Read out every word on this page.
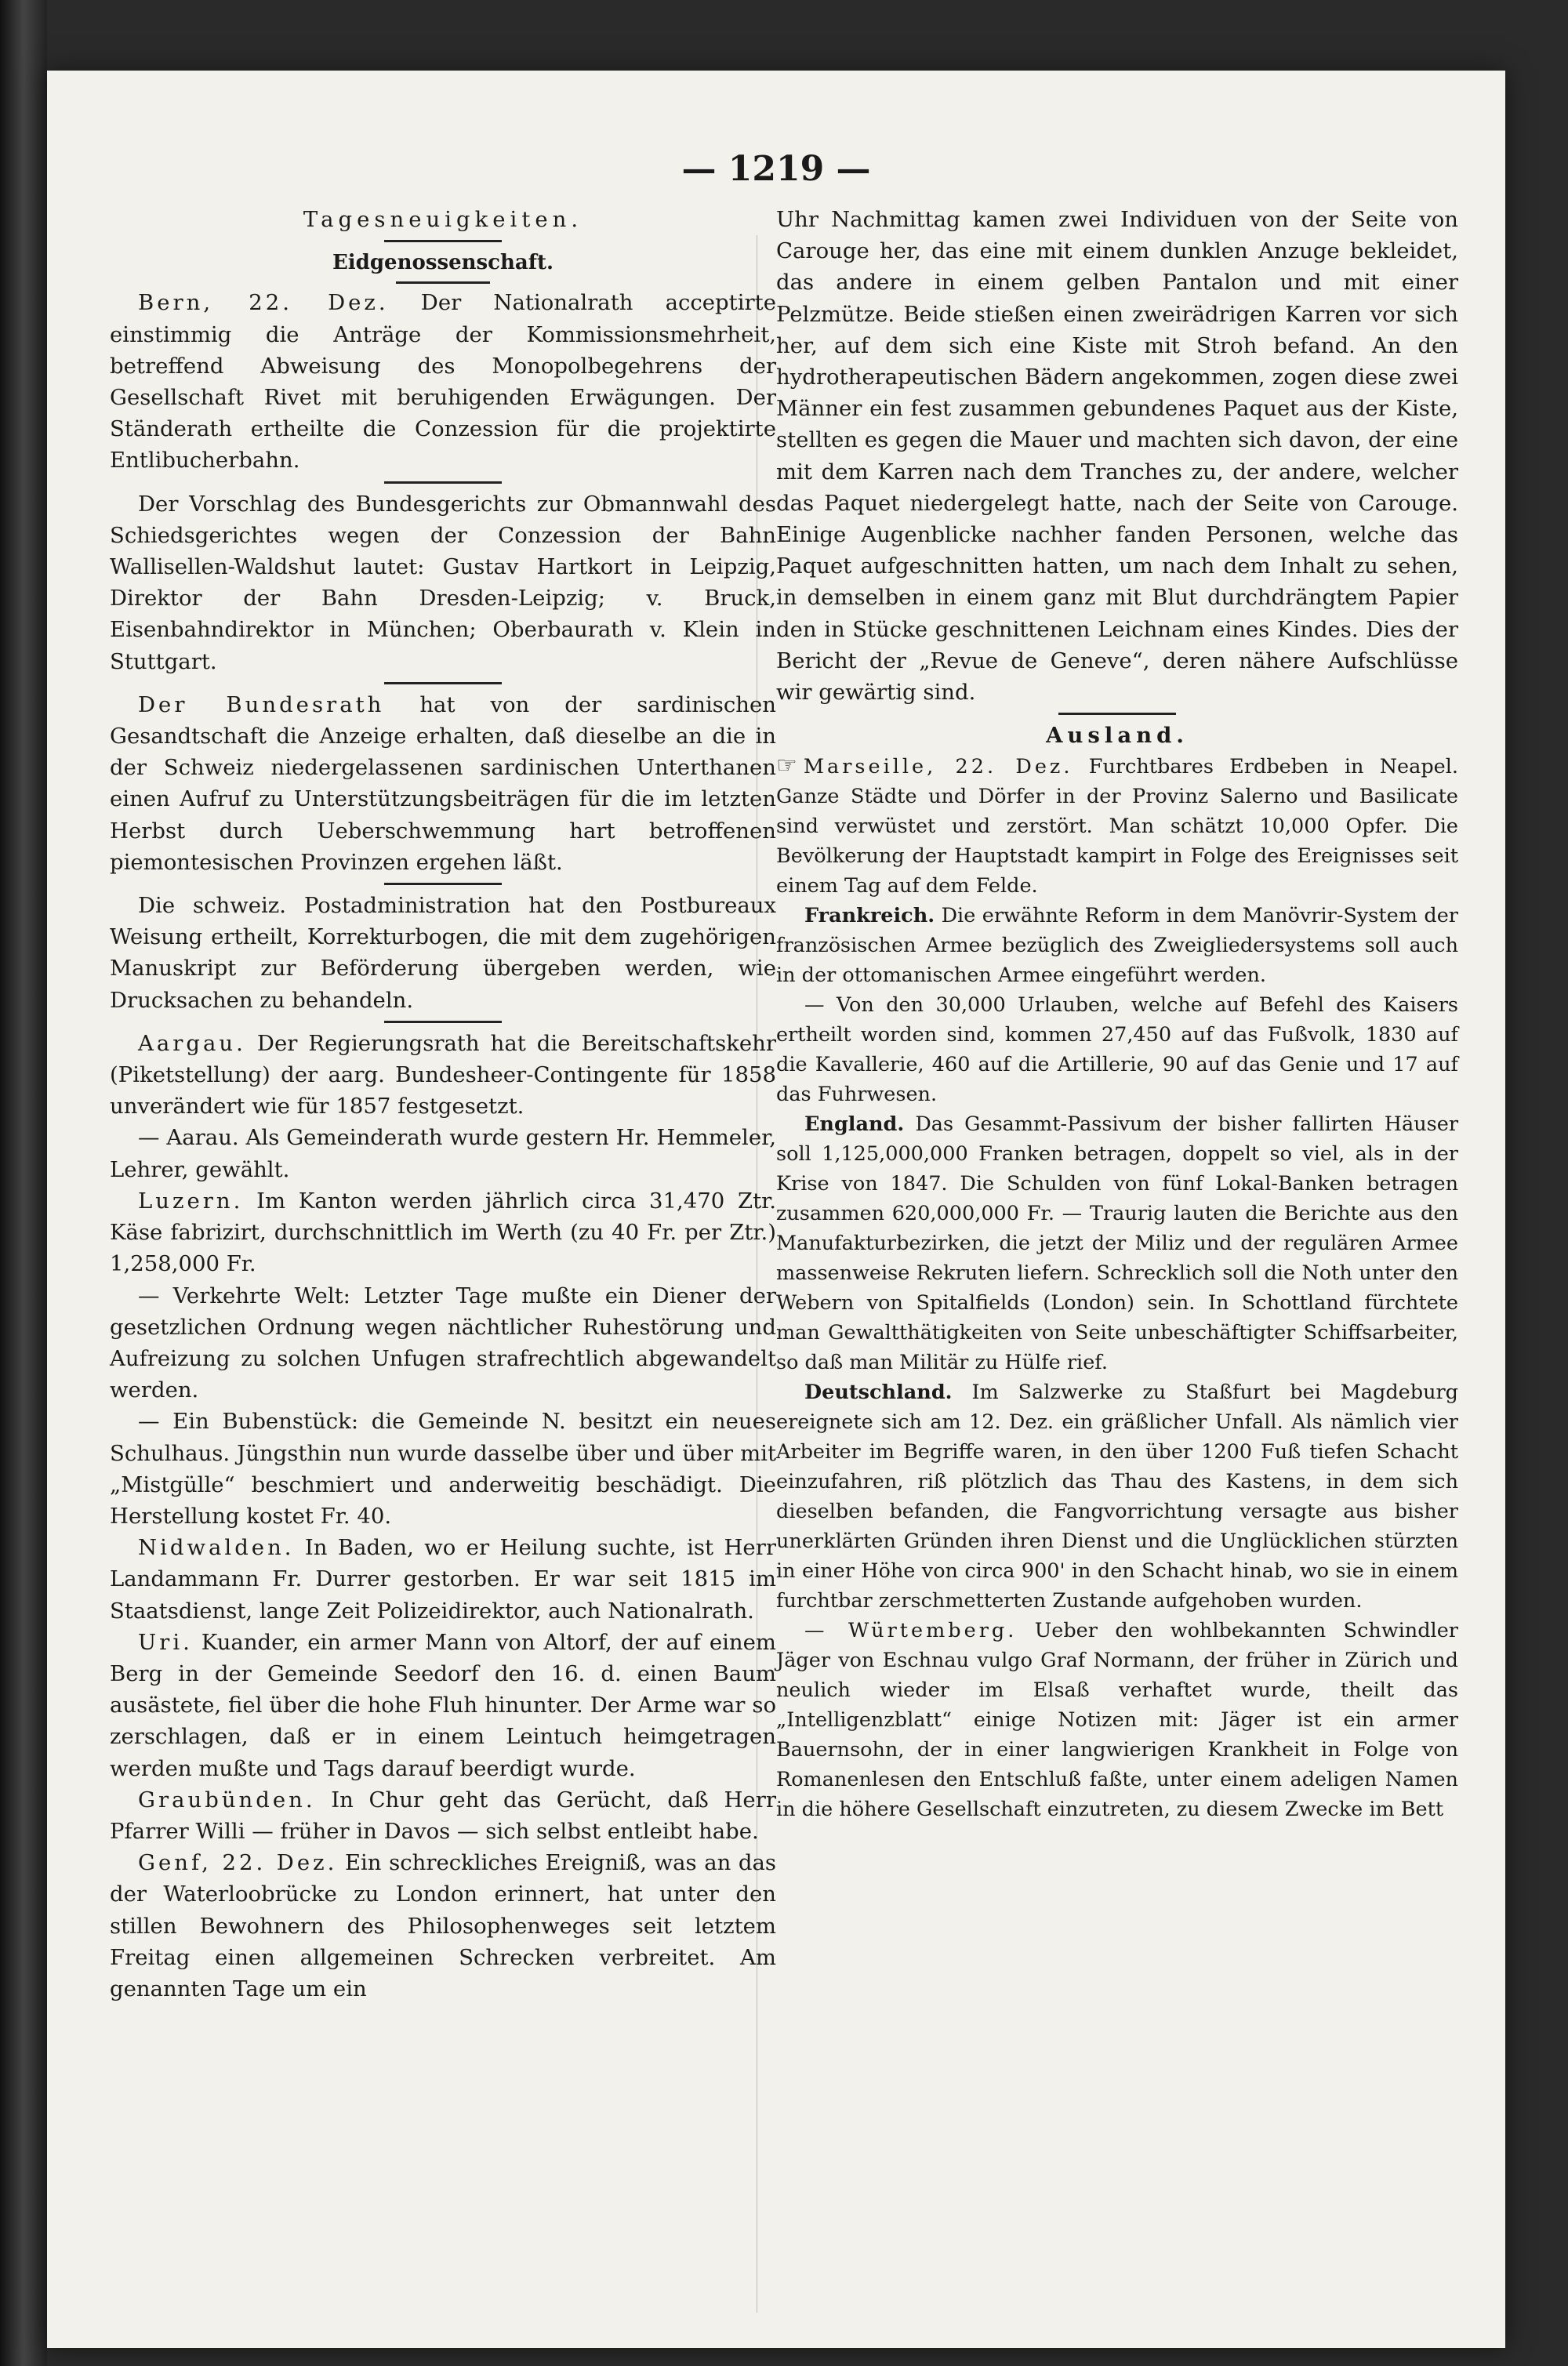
— 1219 —

Tagesneuigkeiten.

Eidgenossenschaft.

Bern, 22. Dez. Der Nationalrath acceptirte einstimmig die Anträge der Kommissionsmehrheit, betreffend Abweisung des Monopolbegehrens der Gesellschaft Rivet mit beruhigenden Erwägungen. Der Ständerath ertheilte die Conzession für die projektirte Entlibucherbahn.

Der Vorschlag des Bundesgerichts zur Obmannwahl des Schiedsgerichtes wegen der Conzession der Bahn Wallisellen-Waldshut lautet: Gustav Hartkort in Leipzig, Direktor der Bahn Dresden-Leipzig; v. Bruck, Eisenbahndirektor in München; Oberbaurath v. Klein in Stuttgart.

Der Bundesrath hat von der sardinischen Gesandtschaft die Anzeige erhalten, daß dieselbe an die in der Schweiz niedergelassenen sardinischen Unterthanen einen Aufruf zu Unterstützungsbeiträgen für die im letzten Herbst durch Ueberschwemmung hart betroffenen piemontesischen Provinzen ergehen läßt.

Die schweiz. Postadministration hat den Postbureaux Weisung ertheilt, Korrekturbogen, die mit dem zugehörigen Manuskript zur Beförderung übergeben werden, wie Drucksachen zu behandeln.

Aargau. Der Regierungsrath hat die Bereitschaftskehr (Piketstellung) der aarg. Bundesheer-Contingente für 1858 unverändert wie für 1857 festgesetzt.

— Aarau. Als Gemeinderath wurde gestern Hr. Hemmeler, Lehrer, gewählt.

Luzern. Im Kanton werden jährlich circa 31,470 Ztr. Käse fabrizirt, durchschnittlich im Werth (zu 40 Fr. per Ztr.) 1,258,000 Fr.

— Verkehrte Welt: Letzter Tage mußte ein Diener der gesetzlichen Ordnung wegen nächtlicher Ruhestörung und Aufreizung zu solchen Unfugen strafrechtlich abgewandelt werden.

— Ein Bubenstück: die Gemeinde N. besitzt ein neues Schulhaus. Jüngsthin nun wurde dasselbe über und über mit „Mistgülle“ beschmiert und anderweitig beschädigt. Die Herstellung kostet Fr. 40.

Nidwalden. In Baden, wo er Heilung suchte, ist Herr Landammann Fr. Durrer gestorben. Er war seit 1815 im Staatsdienst, lange Zeit Polizeidirektor, auch Nationalrath.

Uri. Kuander, ein armer Mann von Altorf, der auf einem Berg in der Gemeinde Seedorf den 16. d. einen Baum ausästete, fiel über die hohe Fluh hinunter. Der Arme war so zerschlagen, daß er in einem Leintuch heimgetragen werden mußte und Tags darauf beerdigt wurde.

Graubünden. In Chur geht das Gerücht, daß Herr Pfarrer Willi — früher in Davos — sich selbst entleibt habe.

Genf, 22. Dez. Ein schreckliches Ereigniß, was an das der Waterloobrücke zu London erinnert, hat unter den stillen Bewohnern des Philosophenweges seit letztem Freitag einen allgemeinen Schrecken verbreitet. Am genannten Tage um ein

Uhr Nachmittag kamen zwei Individuen von der Seite von Carouge her, das eine mit einem dunklen Anzuge bekleidet, das andere in einem gelben Pantalon und mit einer Pelzmütze. Beide stießen einen zweirädrigen Karren vor sich her, auf dem sich eine Kiste mit Stroh befand. An den hydrotherapeutischen Bädern angekommen, zogen diese zwei Männer ein fest zusammen gebundenes Paquet aus der Kiste, stellten es gegen die Mauer und machten sich davon, der eine mit dem Karren nach dem Tranches zu, der andere, welcher das Paquet niedergelegt hatte, nach der Seite von Carouge. Einige Augenblicke nachher fanden Personen, welche das Paquet aufgeschnitten hatten, um nach dem Inhalt zu sehen, in demselben in einem ganz mit Blut durchdrängtem Papier den in Stücke geschnittenen Leichnam eines Kindes. Dies der Bericht der „Revue de Geneve“, deren nähere Aufschlüsse wir gewärtig sind.

Ausland.

☞ Marseille, 22. Dez. Furchtbares Erdbeben in Neapel. Ganze Städte und Dörfer in der Provinz Salerno und Basilicate sind verwüstet und zerstört. Man schätzt 10,000 Opfer. Die Bevölkerung der Hauptstadt kampirt in Folge des Ereignisses seit einem Tag auf dem Felde.

Frankreich. Die erwähnte Reform in dem Manövrir-System der französischen Armee bezüglich des Zweigliedersystems soll auch in der ottomanischen Armee eingeführt werden.

— Von den 30,000 Urlauben, welche auf Befehl des Kaisers ertheilt worden sind, kommen 27,450 auf das Fußvolk, 1830 auf die Kavallerie, 460 auf die Artillerie, 90 auf das Genie und 17 auf das Fuhrwesen.

England. Das Gesammt-Passivum der bisher fallirten Häuser soll 1,125,000,000 Franken betragen, doppelt so viel, als in der Krise von 1847. Die Schulden von fünf Lokal-Banken betragen zusammen 620,000,000 Fr. — Traurig lauten die Berichte aus den Manufakturbezirken, die jetzt der Miliz und der regulären Armee massenweise Rekruten liefern. Schrecklich soll die Noth unter den Webern von Spitalfields (London) sein. In Schottland fürchtete man Gewaltthätigkeiten von Seite unbeschäftigter Schiffsarbeiter, so daß man Militär zu Hülfe rief.

Deutschland. Im Salzwerke zu Staßfurt bei Magdeburg ereignete sich am 12. Dez. ein gräßlicher Unfall. Als nämlich vier Arbeiter im Begriffe waren, in den über 1200 Fuß tiefen Schacht einzufahren, riß plötzlich das Thau des Kastens, in dem sich dieselben befanden, die Fangvorrichtung versagte aus bisher unerklärten Gründen ihren Dienst und die Unglücklichen stürzten in einer Höhe von circa 900' in den Schacht hinab, wo sie in einem furchtbar zerschmetterten Zustande aufgehoben wurden.

— Würtemberg. Ueber den wohlbekannten Schwindler Jäger von Eschnau vulgo Graf Normann, der früher in Zürich und neulich wieder im Elsaß verhaftet wurde, theilt das „Intelligenzblatt“ einige Notizen mit: Jäger ist ein armer Bauernsohn, der in einer langwierigen Krankheit in Folge von Romanenlesen den Entschluß faßte, unter einem adeligen Namen in die höhere Gesellschaft einzutreten, zu diesem Zwecke im Bett
